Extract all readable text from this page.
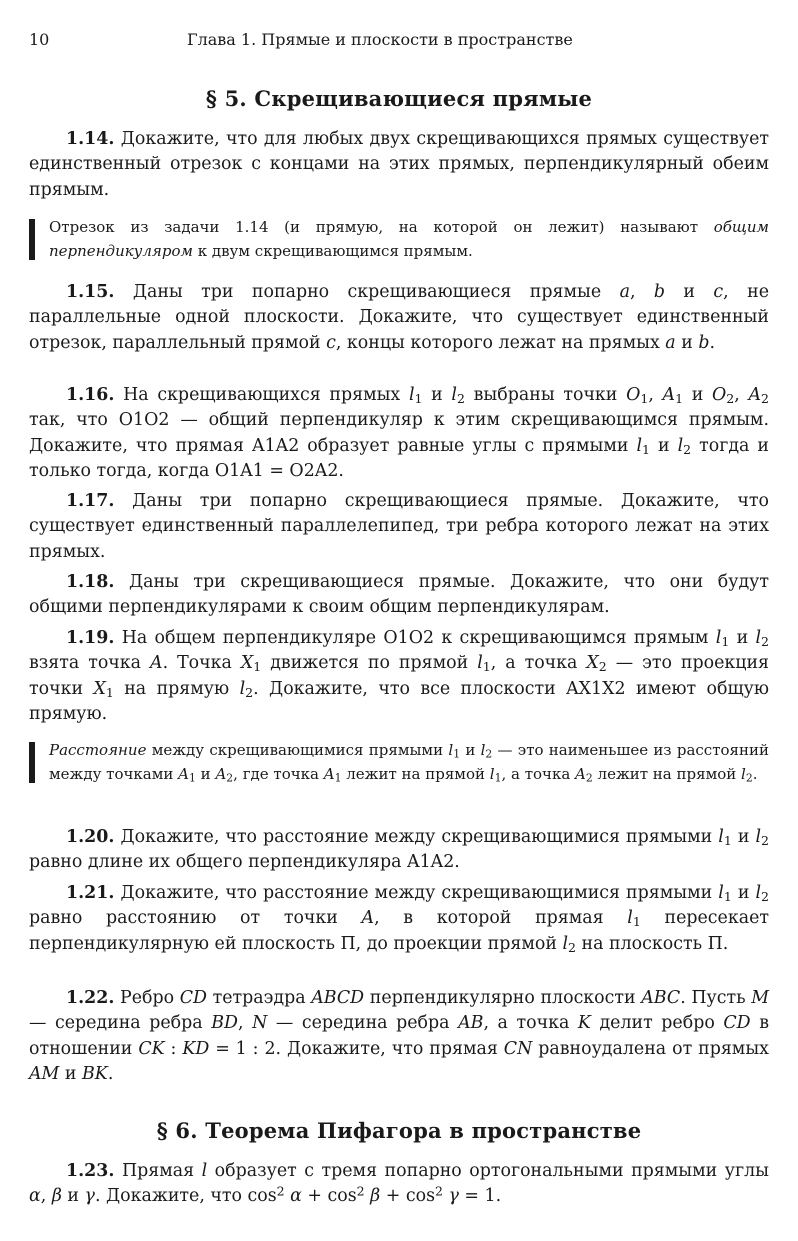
10	Глава 1. Прямые и плоскости в пространстве
§ 5. Скрещивающиеся прямые

1.14. Докажите, что для любых двух скрещивающихся прямых существует единственный отрезок с концами на этих прямых, перпендикулярный обеим прямым.

Отрезок из задачи 1.14 (и прямую, на которой он лежит) называют общим перпендикуляром к двум скрещивающимся прямым.

1.15. Даны три попарно скрещивающиеся прямые a, b и c, не параллельные одной плоскости. Докажите, что существует единственный отрезок, параллельный прямой c, концы которого лежат на прямых a и b.

1.16. На скрещивающихся прямых $l_1$ и $l_2$ выбраны точки $O_1$, $A_1$ и $O_2$, $A_2$ так, что O1O2 — общий перпендикуляр к этим скрещивающимся прямым. Докажите, что прямая A1A2 образует равные углы с прямыми $l_1$ и $l_2$ тогда и только тогда, когда O1A1 = O2A2.

1.17. Даны три попарно скрещивающиеся прямые. Докажите, что существует единственный параллелепипед, три ребра которого лежат на этих прямых.

1.18. Даны три скрещивающиеся прямые. Докажите, что они будут общими перпендикулярами к своим общим перпендикулярам.

1.19. На общем перпендикуляре O1O2 к скрещивающимся прямым $l_1$ и $l_2$ взята точка A. Точка $X_1$ движется по прямой $l_1$, а точка $X_2$ — это проекция точки $X_1$ на прямую $l_2$. Докажите, что все плоскости AX1X2 имеют общую прямую.

Расстояние между скрещивающимися прямыми $l_1$ и $l_2$ — это наименьшее из расстояний между точками $A_1$ и $A_2$, где точка $A_1$ лежит на прямой $l_1$, а точка $A_2$ лежит на прямой $l_2$.

1.20. Докажите, что расстояние между скрещивающимися прямыми $l_1$ и $l_2$ равно длине их общего перпендикуляра A1A2.

1.21. Докажите, что расстояние между скрещивающимися прямыми $l_1$ и $l_2$ равно расстоянию от точки A, в которой прямая $l_1$ пересекает перпендикулярную ей плоскость Π, до проекции прямой $l_2$ на плоскость Π.

1.22. Ребро CD тетраэдра ABCD перпендикулярно плоскости ABC. Пусть M — середина ребра BD, N — середина ребра AB, а точка K делит ребро CD в отношении CK : KD = 1 : 2. Докажите, что прямая CN равноудалена от прямых AM и BK.

§ 6. Теорема Пифагора в пространстве

1.23. Прямая l образует с тремя попарно ортогональными прямыми углы α, β и γ. Докажите, что $\cos^2 \alpha + \cos^2 \beta + \cos^2 \gamma = 1$.
